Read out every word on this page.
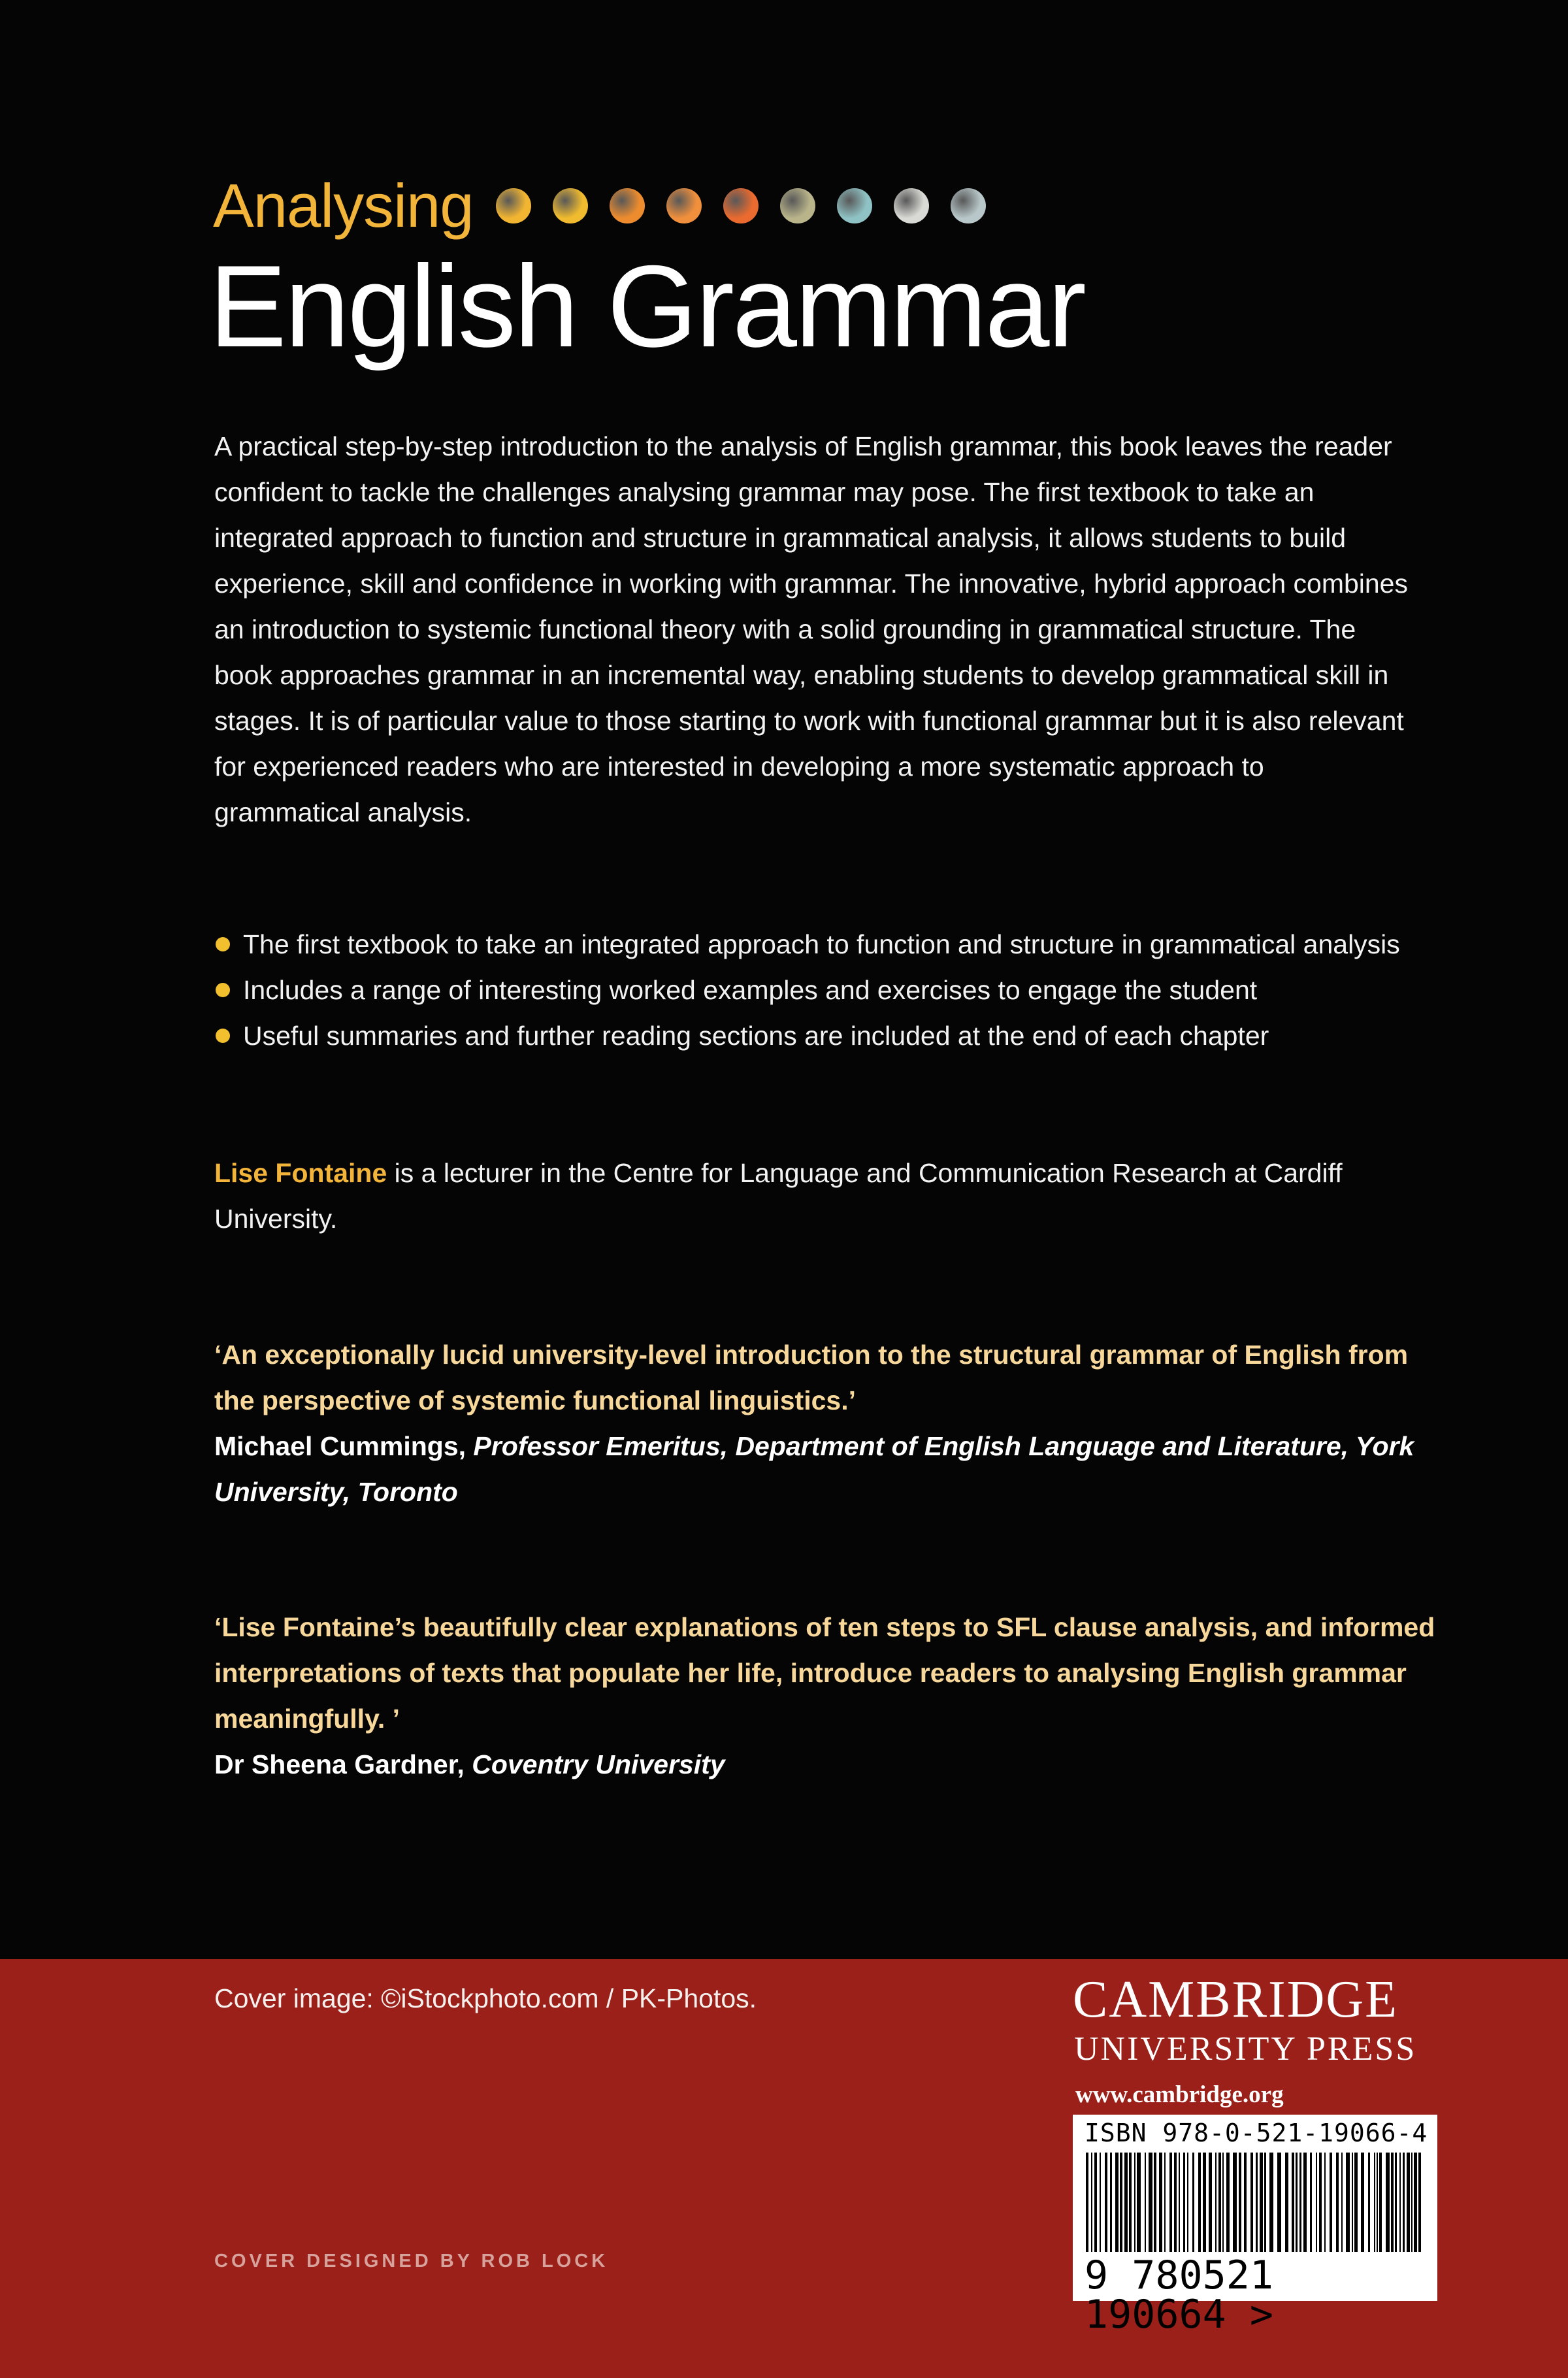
Analysing
English Grammar

A practical step-by-step introduction to the analysis of English grammar, this book leaves the reader confident to tackle the challenges analysing grammar may pose. The first textbook to take an integrated approach to function and structure in grammatical analysis, it allows students to build experience, skill and confidence in working with grammar. The innovative, hybrid approach combines an introduction to systemic functional theory with a solid grounding in grammatical structure. The book approaches grammar in an incremental way, enabling students to develop grammatical skill in stages. It is of particular value to those starting to work with functional grammar but it is also relevant for experienced readers who are interested in developing a more systematic approach to grammatical analysis.

The first textbook to take an integrated approach to function and structure in grammatical analysis
Includes a range of interesting worked examples and exercises to engage the student
Useful summaries and further reading sections are included at the end of each chapter

Lise Fontaine is a lecturer in the Centre for Language and Communication Research at Cardiff University.

‘An exceptionally lucid university-level introduction to the structural grammar of English from the perspective of systemic functional linguistics.’
Michael Cummings, Professor Emeritus, Department of English Language and Literature, York University, Toronto
‘Lise Fontaine’s beautifully clear explanations of ten steps to SFL clause analysis, and informed interpretations of texts that populate her life, introduce readers to analysing English grammar meaningfully. ’
Dr Sheena Gardner, Coventry University
Cover image: ©iStockphoto.com / PK-Photos.
COVER DESIGNED BY ROB LOCK

CAMBRIDGE

UNIVERSITY PRESS

www.cambridge.org

ISBN 978-0-521-19066-4
9 780521 190664 >
